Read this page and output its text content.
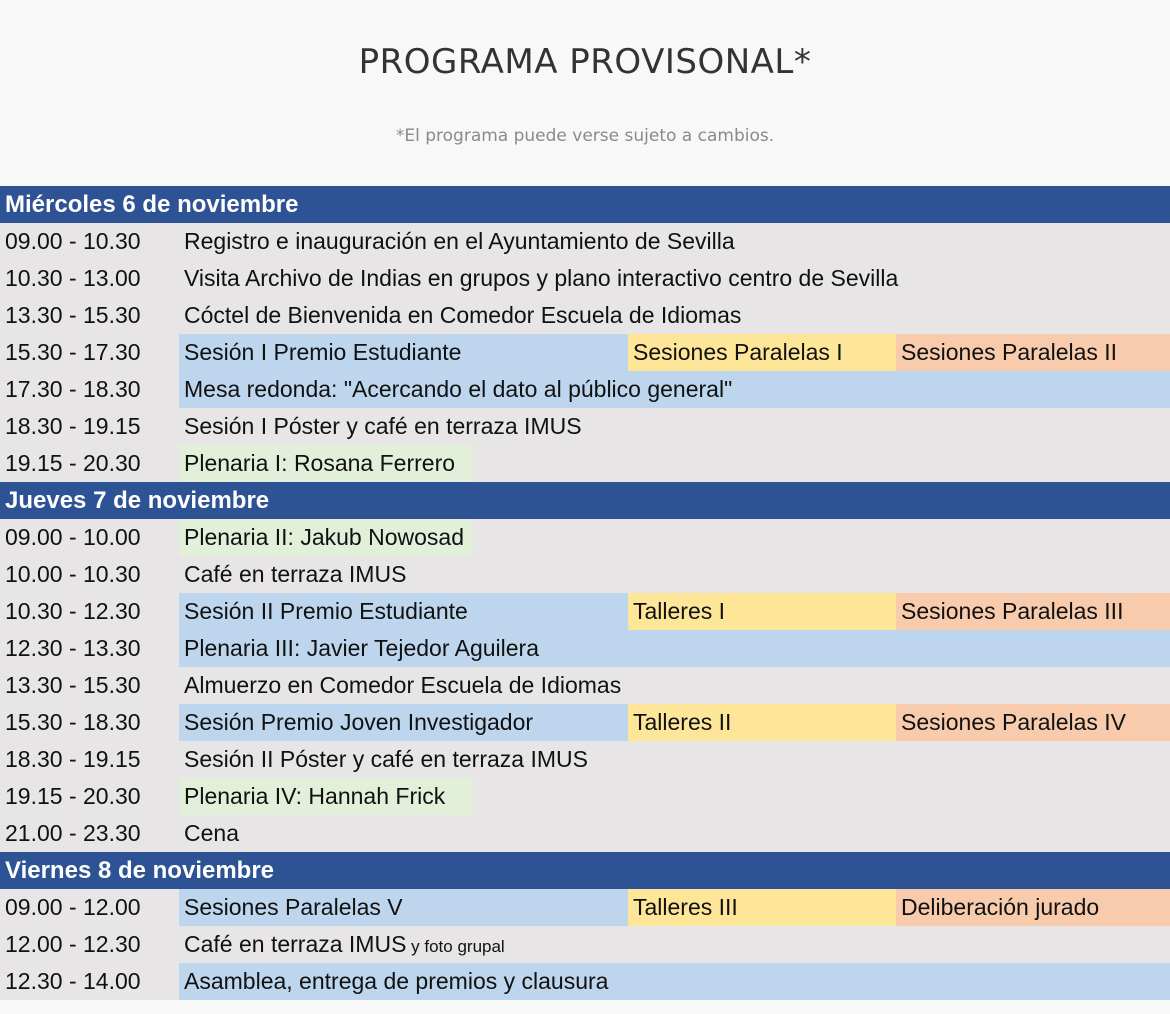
PROGRAMA PROVISONAL*
*El programa puede verse sujeto a cambios.
Miércoles 6 de noviembre
09.00 - 10.30 Registro e inauguración en el Ayuntamiento de Sevilla
10.30 - 13.00 Visita Archivo de Indias en grupos y plano interactivo centro de Sevilla
13.30 - 15.30 Cóctel de Bienvenida en Comedor Escuela de Idiomas
15.30 - 17.30 Sesión I Premio Estudiante	Sesiones Paralelas I	Sesiones Paralelas II
17.30 - 18.30 Mesa redonda: "Acercando el dato al público general"
18.30 - 19.15 Sesión I Póster y café en terraza IMUS
19.15 - 20.30 Plenaria I: Rosana Ferrero
Jueves 7 de noviembre
09.00 - 10.00 Plenaria II: Jakub Nowosad
10.00 - 10.30 Café en terraza IMUS
10.30 - 12.30 Sesión II Premio Estudiante	Talleres I	Sesiones Paralelas III
12.30 - 13.30 Plenaria III: Javier Tejedor Aguilera
13.30 - 15.30 Almuerzo en Comedor Escuela de Idiomas
15.30 - 18.30 Sesión Premio Joven Investigador	Talleres II	Sesiones Paralelas IV
18.30 - 19.15 Sesión II Póster y café en terraza IMUS
19.15 - 20.30 Plenaria IV: Hannah Frick
21.00 - 23.30 Cena
Viernes 8 de noviembre
09.00 - 12.00 Sesiones Paralelas V	Talleres III	Deliberación jurado
12.00 - 12.30 Café en terraza IMUS y foto grupal
12.30 - 14.00 Asamblea, entrega de premios y clausura
